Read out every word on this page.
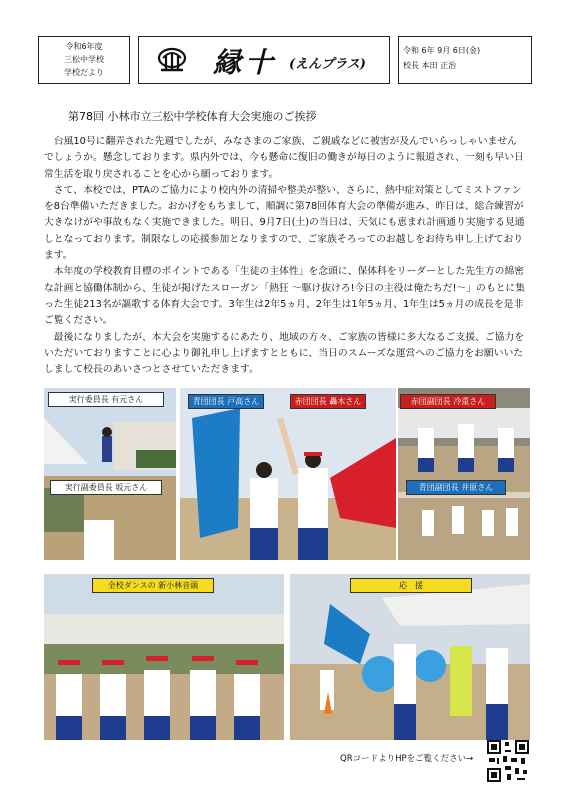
令和6年度
三松中学校
学校だより	縁十 (えんプラス)
令和 6年 9月 6日(金)
校長 本田 正治
第78回 小林市立三松中学校体育大会実施のご挨拶

台風10号に翻弄された先週でしたが、みなさまのご家族、ご親戚などに被害が及んでいらっしゃいませんでしょうか。懸念しております。県内外では、今も懸命に復旧の働きが毎日のように報道され、一刻も早い日常生活を取り戻されることを心から願っております。

さて、本校では、PTAのご協力により校内外の清掃や整美が整い、さらに、熱中症対策としてミストファンを8台準備いただきました。おかげをもちまして、順調に第78回体育大会の準備が進み、昨日は、総合練習が大きなけがや事故もなく実施できました。明日、9月7日(土)の当日は、天気にも恵まれ計画通り実施する見通しとなっております。制限なしの応援参加となりますので、ご家族そろってのお越しをお待ち申し上げております。

本年度の学校教育目標のポイントである「生徒の主体性」を念頭に、保体科をリーダーとした先生方の綿密な計画と協働体制から、生徒が掲げたスローガン「熱狂 ～駆け抜けろ!今日の主役は俺たちだ!～」のもとに集った生徒213名が謳歌する体育大会です。3年生は2年5ヵ月、2年生は1年5ヵ月、1年生は5ヵ月の成長を是非ご覧ください。

最後になりましたが、本大会を実施するにあたり、地域の方々、ご家族の皆様に多大なるご支援、ご協力をいただいておりますことに心より御礼申し上げますとともに、当日のスムーズな運営へのご協力をお願いいたしまして校長のあいさつとさせていただきます。

実行委員長 有元さん
実行副委員長 坂元さん
青団団長 戸高さん	赤団団長 轟木さん	赤団副団長 冷重さん
青団副団長 井原さん
全校ダンスの 新小林音頭	応　援
QRコードよりHPをご覧ください→
